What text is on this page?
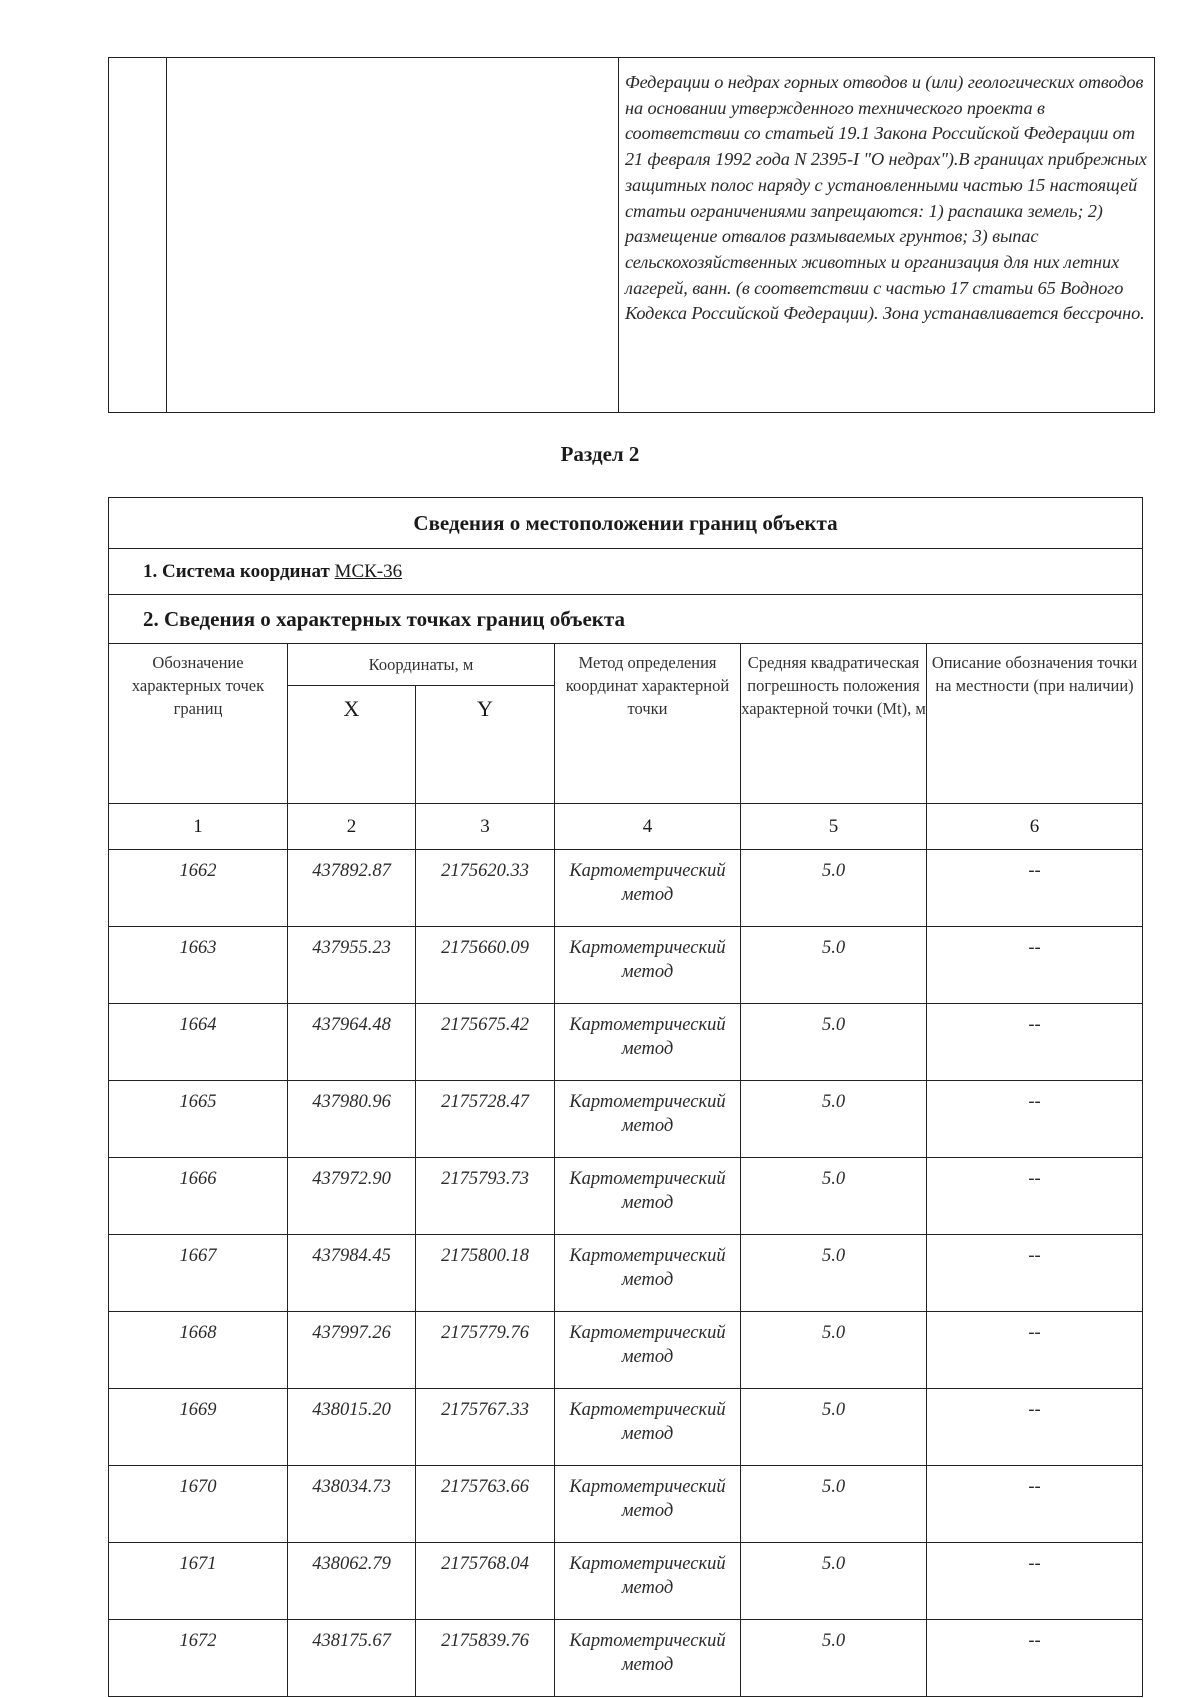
Федерации о недрах горных отводов и (или) геологических отводов на основании утвержденного технического проекта в соответствии со статьей 19.1 Закона Российской Федерации от 21 февраля 1992 года N 2395-I "О недрах").В границах прибрежных защитных полос наряду с установленными частью 15 настоящей статьи ограничениями запрещаются: 1) распашка земель; 2) размещение отвалов размываемых грунтов; 3) выпас сельскохозяйственных животных и организация для них летних лагерей, ванн. (в соответствии с частью 17 статьи 65 Водного Кодекса Российской Федерации). Зона устанавливается бессрочно.
Раздел 2
Сведения о местоположении границ объекта					
1. Система координат МСК-36					
2. Сведения о характерных точках границ объекта					
Обозначение характерных точек границ	Координаты, м		Метод определения координат характерной точки	Средняя квадратическая погрешность положения характерной точки (Mt), м	Описание обозначения точки на местности (при наличии)
	X	Y			
1	2	3	4	5	6
1662	437892.87	2175620.33	Картометрический метод	5.0	--
1663	437955.23	2175660.09	Картометрический метод	5.0	--
1664	437964.48	2175675.42	Картометрический метод	5.0	--
1665	437980.96	2175728.47	Картометрический метод	5.0	--
1666	437972.90	2175793.73	Картометрический метод	5.0	--
1667	437984.45	2175800.18	Картометрический метод	5.0	--
1668	437997.26	2175779.76	Картометрический метод	5.0	--
1669	438015.20	2175767.33	Картометрический метод	5.0	--
1670	438034.73	2175763.66	Картометрический метод	5.0	--
1671	438062.79	2175768.04	Картометрический метод	5.0	--
1672	438175.67	2175839.76	Картометрический метод	5.0	--
